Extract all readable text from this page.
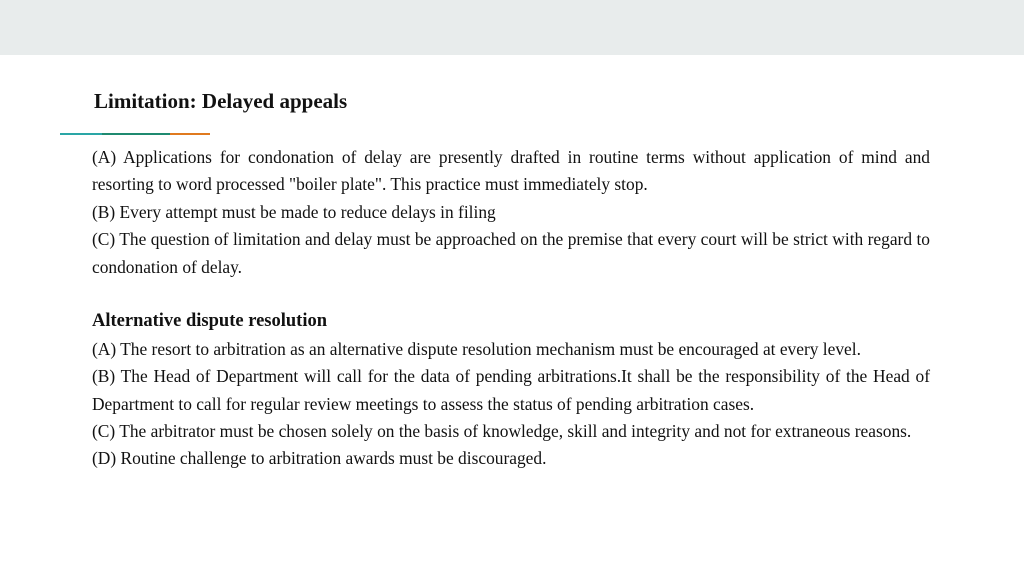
Limitation: Delayed appeals

(A) Applications for condonation of delay are presently drafted in routine terms without application of mind and resorting to word processed "boiler plate". This practice must immediately stop.

(B) Every attempt must be made to reduce delays in filing

(C) The question of limitation and delay must be approached on the premise that every court will be strict with regard to condonation of delay.

Alternative dispute resolution

(A) The resort to arbitration as an alternative dispute resolution mechanism must be encouraged at every level.

(B) The Head of Department will call for the data of pending arbitrations.It shall be the responsibility of the Head of Department to call for regular review meetings to assess the status of pending arbitration cases.

(C) The arbitrator must be chosen solely on the basis of knowledge, skill and integrity and not for extraneous reasons.

(D) Routine challenge to arbitration awards must be discouraged.
